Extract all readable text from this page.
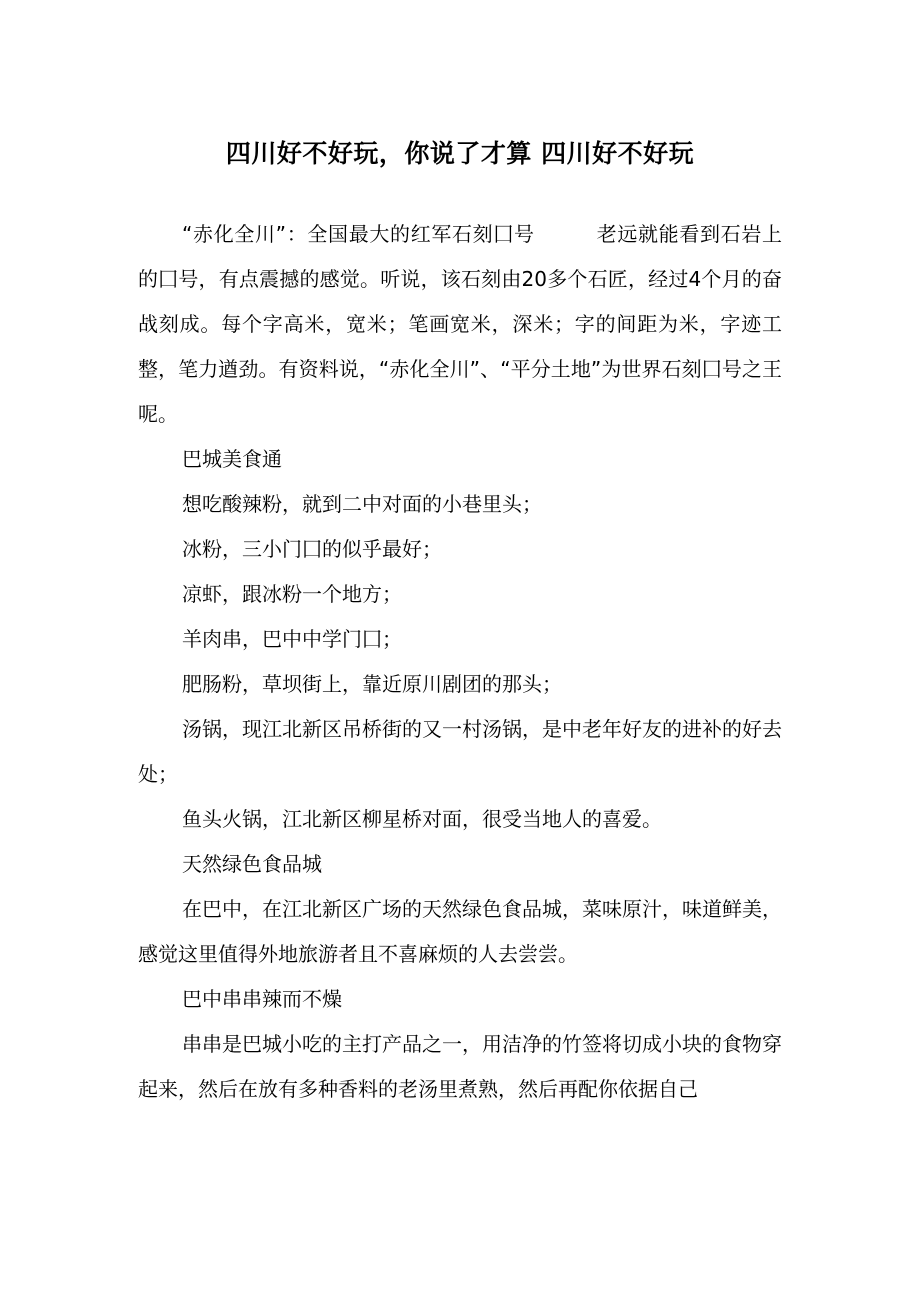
四川好不好玩，你说了才算 四川好不好玩

“赤化全川”：全国最大的红军石刻囗号　　　老远就能看到石岩上的囗号，有点震撼的感觉。听说，该石刻由20多个石匠，经过4个月的奋战刻成。每个字高米，宽米；笔画宽米，深米；字的间距为米，字迹工整，笔力遒劲。有资料说，“赤化全川”、“平分土地”为世界石刻囗号之王呢。

巴城美食通

想吃酸辣粉，就到二中对面的小巷里头；

冰粉，三小门囗的似乎最好；

凉虾，跟冰粉一个地方；

羊肉串，巴中中学门囗；

肥肠粉，草坝街上，靠近原川剧团的那头；

汤锅，现江北新区吊桥街的又一村汤锅，是中老年好友的进补的好去处；

鱼头火锅，江北新区柳星桥对面，很受当地人的喜爱。

天然绿色食品城

在巴中，在江北新区广场的天然绿色食品城，菜味原汁，味道鲜美，感觉这里值得外地旅游者且不喜麻烦的人去尝尝。

巴中串串辣而不燥

串串是巴城小吃的主打产品之一，用洁净的竹签将切成小块的食物穿起来，然后在放有多种香料的老汤里煮熟，然后再配你依据自己
